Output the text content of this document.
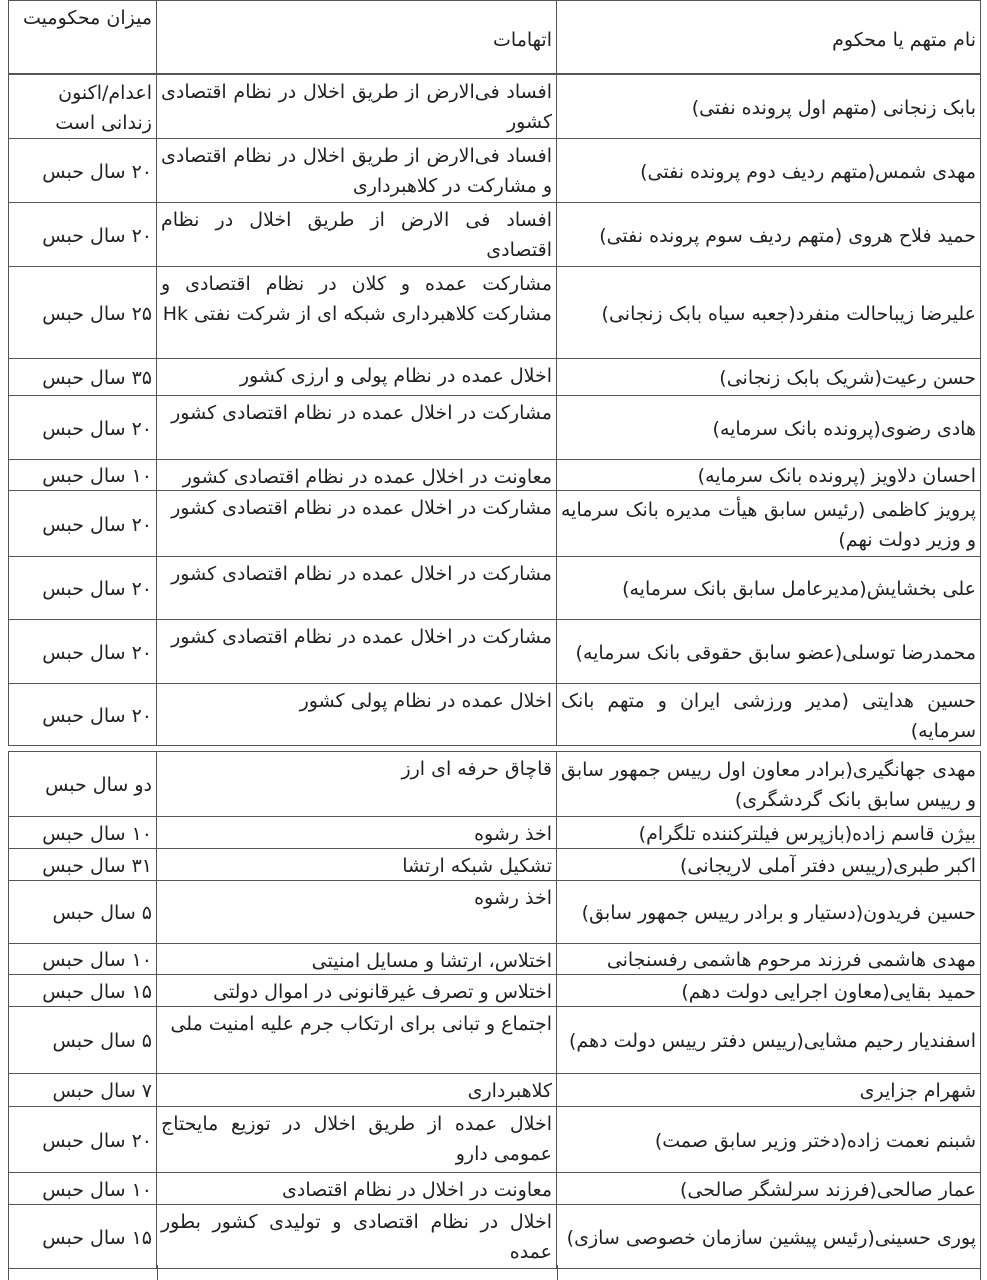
نام متهم یا محکوم
اتهامات
میزان محکومیت
بابک زنجانی (متهم اول پرونده نفتی)
افساد فی‌الارض از طریق اخلال در نظام اقتصادی کشور
اعدام/اکنون زندانی است
مهدی شمس(متهم ردیف دوم پرونده نفتی)
افساد فی‌الارض از طریق اخلال در نظام اقتصادی و مشارکت در کلاهبرداری
۲۰ سال حبس
حمید فلاح هروی (متهم ردیف سوم پرونده نفتی)
افساد فی الارض از طریق اخلال در نظام اقتصادی
۲۰ سال حبس
علیرضا زیباحالت منفرد(جعبه سیاه بابک زنجانی)
مشارکت عمده و کلان در نظام اقتصادی و مشارکت کلاهبرداری شبکه ای از شرکت نفتی Hk
۲۵ سال حبس
حسن رعیت(شریک بابک زنجانی)
اخلال عمده در نظام پولی و ارزی کشور
۳۵ سال حبس
هادی رضوی(پرونده بانک سرمایه)
مشارکت در اخلال عمده در نظام اقتصادی کشور
۲۰ سال حبس
احسان دلاویز (پرونده بانک سرمایه)
معاونت در اخلال عمده در نظام اقتصادی کشور
۱۰ سال حبس
پرویز کاظمی (رئیس سابق هیأت مدیره بانک سرمایه و وزیر دولت نهم)
مشارکت در اخلال عمده در نظام اقتصادی کشور
۲۰ سال حبس
علی بخشایش(مدیرعامل سابق بانک سرمایه)
مشارکت در اخلال عمده در نظام اقتصادی کشور
۲۰ سال حبس
محمدرضا توسلی(عضو سابق حقوقی بانک سرمایه)
مشارکت در اخلال عمده در نظام اقتصادی کشور
۲۰ سال حبس
حسین هدایتی (مدیر ورزشی ایران و متهم بانک سرمایه)
اخلال عمده در نظام پولی کشور
۲۰ سال حبس
مهدی جهانگیری(برادر معاون اول رییس جمهور سابق و رییس سابق بانک گردشگری)
قاچاق حرفه ای ارز
دو سال حبس
بیژن قاسم زاده(بازپرس فیلترکننده تلگرام)
اخذ رشوه
۱۰ سال حبس
اکبر طبری(رییس دفتر آملی لاریجانی)
تشکیل شبکه ارتشا
۳۱ سال حبس
حسین فریدون(دستیار و برادر رییس جمهور سابق)
اخذ رشوه
۵ سال حبس
مهدی هاشمی فرزند مرحوم هاشمی رفسنجانی
اختلاس، ارتشا و مسایل امنیتی
۱۰ سال حبس
حمید بقایی(معاون اجرایی دولت دهم)
اختلاس و تصرف غیرقانونی در اموال دولتی
۱۵ سال حبس
اسفندیار رحیم مشایی(رییس دفتر رییس دولت دهم)
اجتماع و تبانی برای ارتکاب جرم علیه امنیت ملی
۵ سال حبس
شهرام جزایری
کلاهبرداری
۷ سال حبس
شبنم نعمت زاده(دختر وزیر سابق صمت)
اخلال عمده از طریق اخلال در توزیع مایحتاج عمومی دارو
۲۰ سال حبس
عمار صالحی(فرزند سرلشگر صالحی)
معاونت در اخلال در نظام اقتصادی
۱۰ سال حبس
پوری حسینی(رئیس پیشین سازمان خصوصی سازی)
اخلال در نظام اقتصادی و تولیدی کشور بطور عمده
۱۵ سال حبس
